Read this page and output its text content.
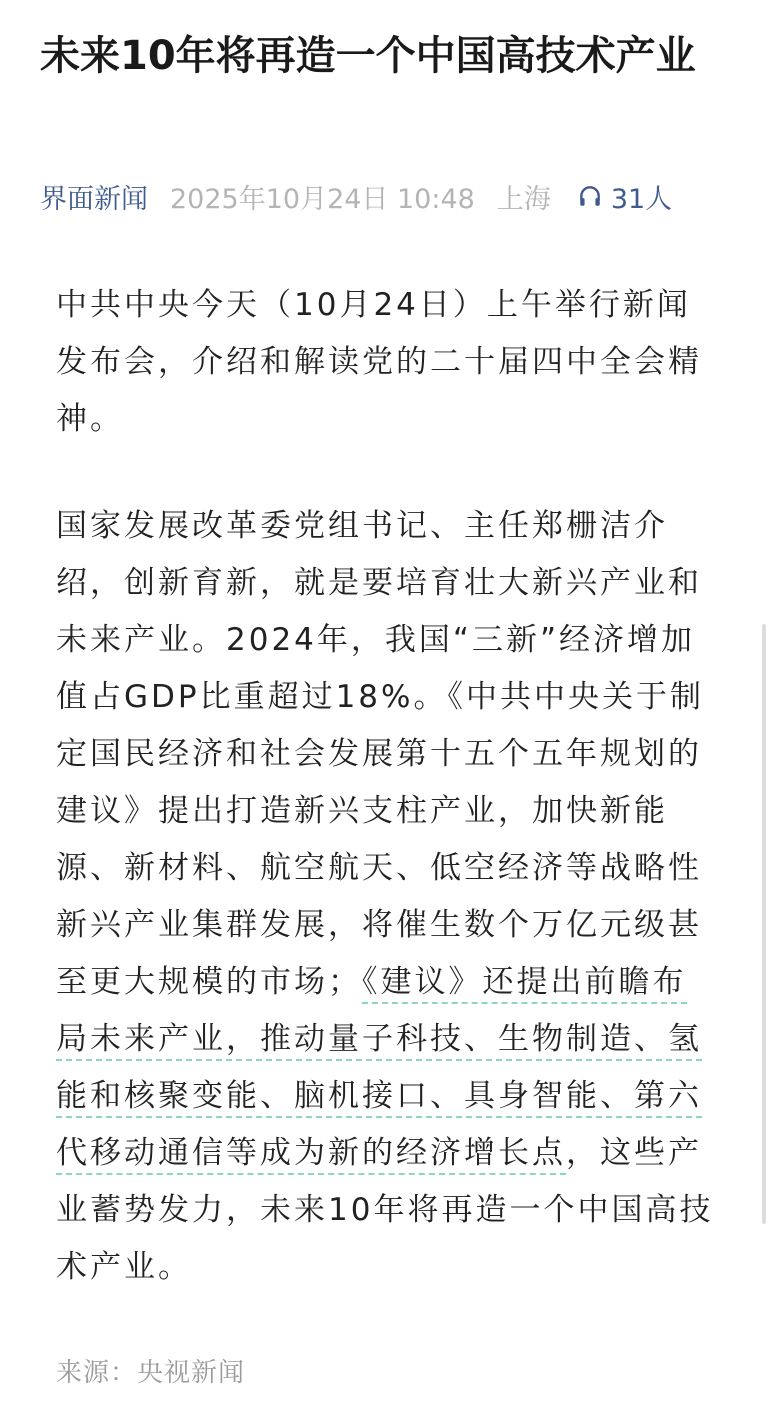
未来10年将再造一个中国高技术产业
界面新闻 2025年10月24日 10:48 上海 31人

中共中央今天（10月24日）上午举行新闻发布会，介绍和解读党的二十届四中全会精神。

国家发展改革委党组书记、主任郑栅洁介绍，创新育新，就是要培育壮大新兴产业和未来产业。2024年，我国“三新”经济增加值占GDP比重超过18%。《中共中央关于制定国民经济和社会发展第十五个五年规划的建议》提出打造新兴支柱产业，加快新能源、新材料、航空航天、低空经济等战略性新兴产业集群发展，将催生数个万亿元级甚至更大规模的市场；《建议》还提出前瞻布局未来产业，推动量子科技、生物制造、氢能和核聚变能、脑机接口、具身智能、第六代移动通信等成为新的经济增长点，这些产业蓄势发力，未来10年将再造一个中国高技术产业。

来源：央视新闻
